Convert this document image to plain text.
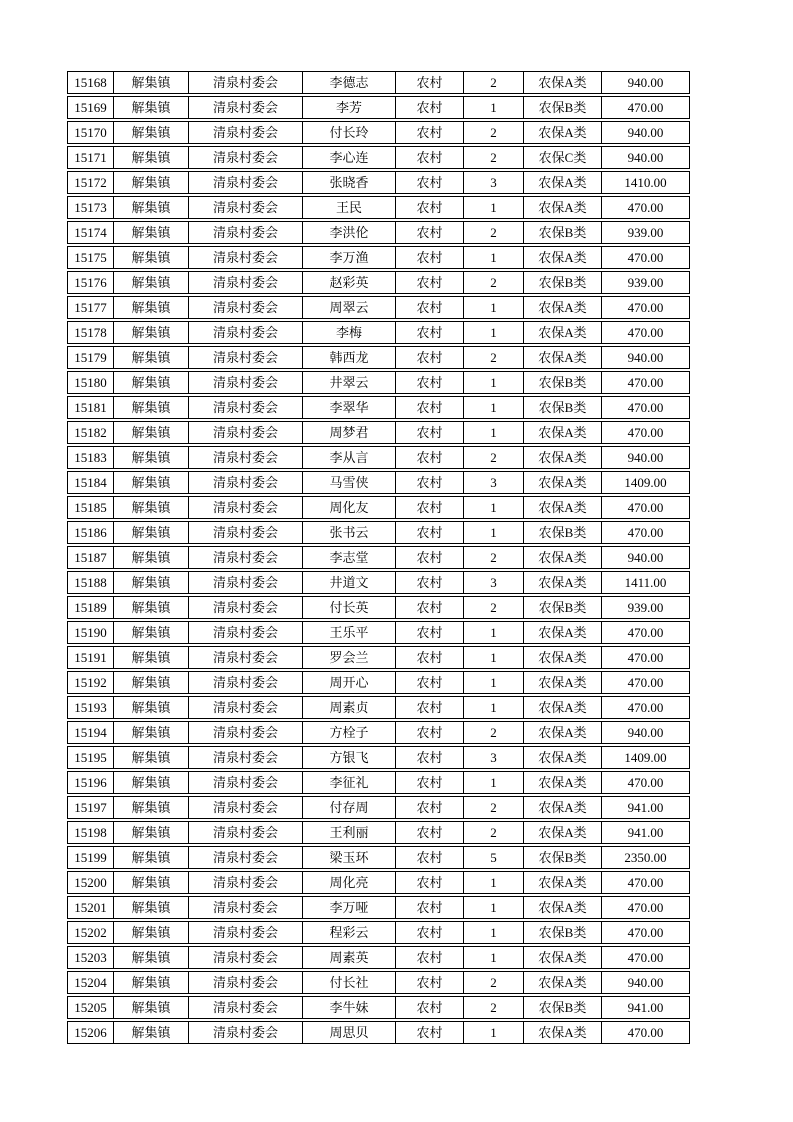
15168	解集镇	清泉村委会	李德志	农村	2	农保A类	940.00
15169	解集镇	清泉村委会	李芳	农村	1	农保B类	470.00
15170	解集镇	清泉村委会	付长玲	农村	2	农保A类	940.00
15171	解集镇	清泉村委会	李心连	农村	2	农保C类	940.00
15172	解集镇	清泉村委会	张晓香	农村	3	农保A类	1410.00
15173	解集镇	清泉村委会	王民	农村	1	农保A类	470.00
15174	解集镇	清泉村委会	李洪伦	农村	2	农保B类	939.00
15175	解集镇	清泉村委会	李万渔	农村	1	农保A类	470.00
15176	解集镇	清泉村委会	赵彩英	农村	2	农保B类	939.00
15177	解集镇	清泉村委会	周翠云	农村	1	农保A类	470.00
15178	解集镇	清泉村委会	李梅	农村	1	农保A类	470.00
15179	解集镇	清泉村委会	韩西龙	农村	2	农保A类	940.00
15180	解集镇	清泉村委会	井翠云	农村	1	农保B类	470.00
15181	解集镇	清泉村委会	李翠华	农村	1	农保B类	470.00
15182	解集镇	清泉村委会	周梦君	农村	1	农保A类	470.00
15183	解集镇	清泉村委会	李从言	农村	2	农保A类	940.00
15184	解集镇	清泉村委会	马雪侠	农村	3	农保A类	1409.00
15185	解集镇	清泉村委会	周化友	农村	1	农保A类	470.00
15186	解集镇	清泉村委会	张书云	农村	1	农保B类	470.00
15187	解集镇	清泉村委会	李志堂	农村	2	农保A类	940.00
15188	解集镇	清泉村委会	井道文	农村	3	农保A类	1411.00
15189	解集镇	清泉村委会	付长英	农村	2	农保B类	939.00
15190	解集镇	清泉村委会	王乐平	农村	1	农保A类	470.00
15191	解集镇	清泉村委会	罗会兰	农村	1	农保A类	470.00
15192	解集镇	清泉村委会	周开心	农村	1	农保A类	470.00
15193	解集镇	清泉村委会	周素贞	农村	1	农保A类	470.00
15194	解集镇	清泉村委会	方栓子	农村	2	农保A类	940.00
15195	解集镇	清泉村委会	方银飞	农村	3	农保A类	1409.00
15196	解集镇	清泉村委会	李征礼	农村	1	农保A类	470.00
15197	解集镇	清泉村委会	付存周	农村	2	农保A类	941.00
15198	解集镇	清泉村委会	王利丽	农村	2	农保A类	941.00
15199	解集镇	清泉村委会	梁玉环	农村	5	农保B类	2350.00
15200	解集镇	清泉村委会	周化亮	农村	1	农保A类	470.00
15201	解集镇	清泉村委会	李万哑	农村	1	农保A类	470.00
15202	解集镇	清泉村委会	程彩云	农村	1	农保B类	470.00
15203	解集镇	清泉村委会	周素英	农村	1	农保A类	470.00
15204	解集镇	清泉村委会	付长社	农村	2	农保A类	940.00
15205	解集镇	清泉村委会	李牛妹	农村	2	农保B类	941.00
15206	解集镇	清泉村委会	周思贝	农村	1	农保A类	470.00
